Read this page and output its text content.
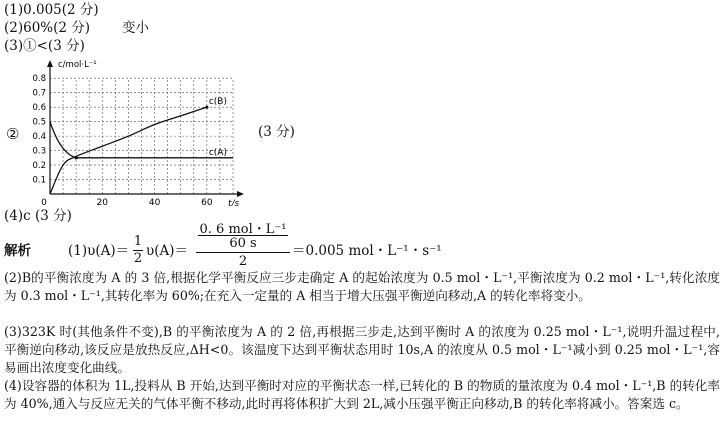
(1)0.005(2 分)
(2)60%(2 分) 变小
(3)①<(3 分)
②	(3 分)
(4)c (3 分)
0.1
0.2
0.3
0.4
0.5
0.6
0.7
0.8
0	20	40	60
c/mol·L⁻¹
t/s
c(B)
c(A)
解析	(1)υ(A)＝
1
2 υ(A)＝
0. 6 mol・L⁻¹
60 s
2
＝0.005 mol・L⁻¹・s⁻¹
(2)B的平衡浓度为 A 的 3 倍,根据化学平衡反应三步走确定 A 的起始浓度为 0.5 mol・L⁻¹,平衡浓度为 0.2 mol・L⁻¹,转化浓度为 0.3 mol・L⁻¹,其转化率为 60%;在充入一定量的 A 相当于增大压强平衡逆向移动,A 的转化率将变小。
(3)323K 时(其他条件不变),B 的平衡浓度为 A 的 2 倍,再根据三步走,达到平衡时 A 的浓度为 0.25 mol・L⁻¹,说明升温过程中,平衡逆向移动,该反应是放热反应,ΔH<0。该温度下达到平衡状态用时 10s,A 的浓度从 0.5 mol・L⁻¹减小到 0.25 mol・L⁻¹,容易画出浓度变化曲线。
(4)设容器的体积为 1L,投料从 B 开始,达到平衡时对应的平衡状态一样,已转化的 B 的物质的量浓度为 0.4 mol・L⁻¹,B 的转化率为 40%,通入与反应无关的气体平衡不移动,此时再将体积扩大到 2L,减小压强平衡正向移动,B 的转化率将减小。答案选 c。
